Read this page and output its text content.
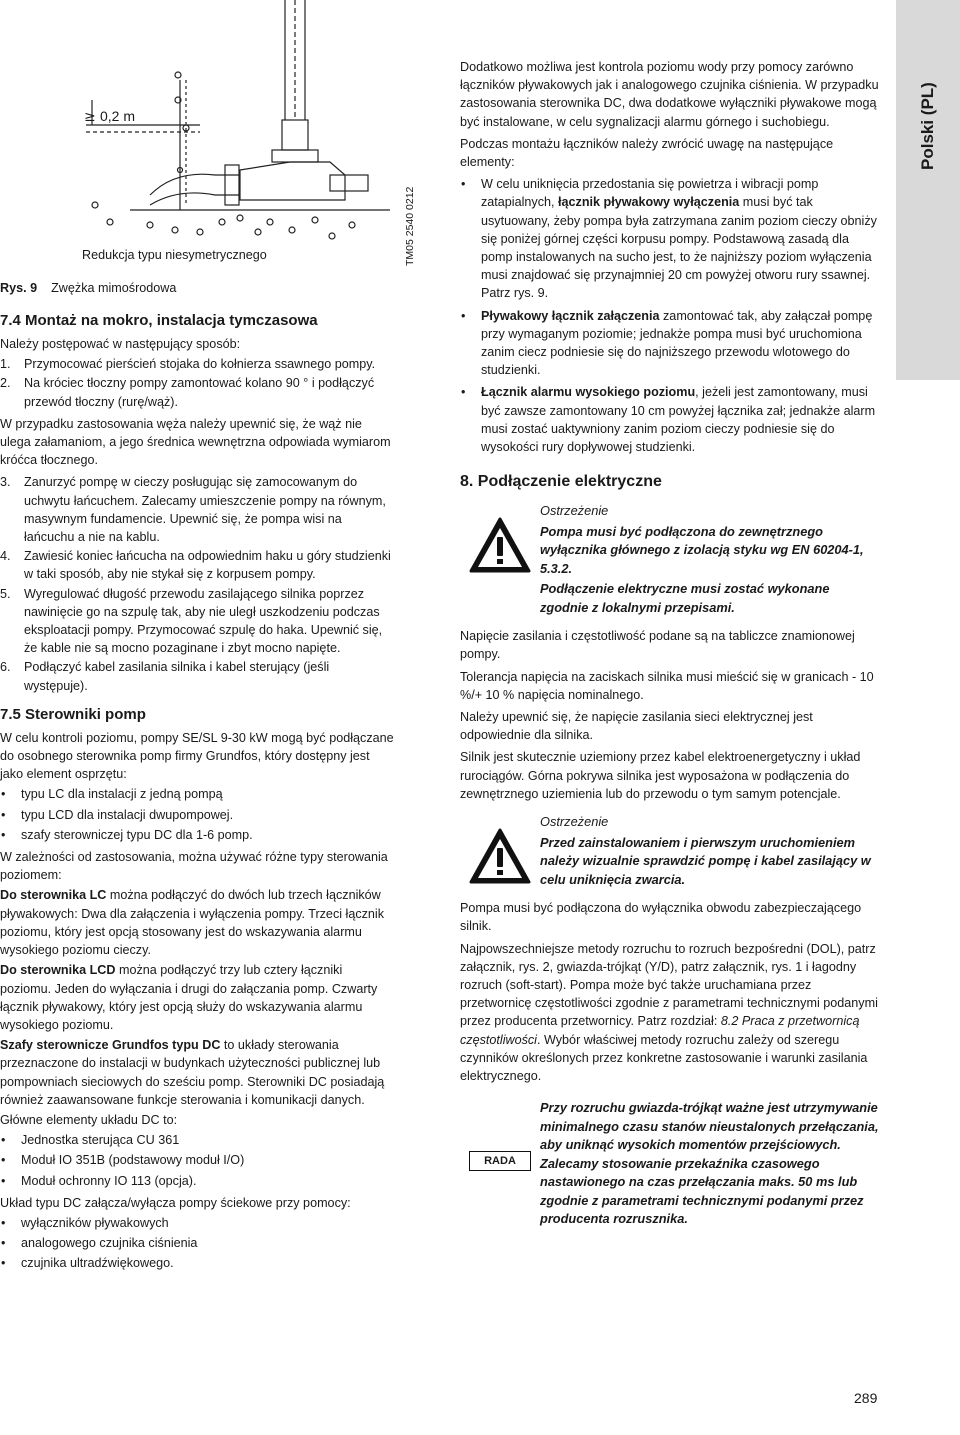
0,2 m
≥
TM05 2540 0212
Redukcja typu niesymetrycznego
Rys. 9 Zwężka mimośrodowa
Polski (PL)
7.4 Montaż na mokro, instalacja tymczasowa

Należy postępować w następujący sposób:

1. Przymocować pierścień stojaka do kołnierza ssawnego pompy.
2. Na króciec tłoczny pompy zamontować kolano 90 ° i podłączyć przewód tłoczny (rurę/wąż).

W przypadku zastosowania węża należy upewnić się, że wąż nie ulega załamaniom, a jego średnica wewnętrzna odpowiada wymiarom króćca tłocznego.

3. Zanurzyć pompę w cieczy posługując się zamocowanym do uchwytu łańcuchem. Zalecamy umieszczenie pompy na równym, masywnym fundamencie. Upewnić się, że pompa wisi na łańcuchu a nie na kablu.
4. Zawiesić koniec łańcucha na odpowiednim haku u góry studzienki w taki sposób, aby nie stykał się z korpusem pompy.
5. Wyregulować długość przewodu zasilającego silnika poprzez nawinięcie go na szpulę tak, aby nie uległ uszkodzeniu podczas eksploatacji pompy. Przymocować szpulę do haka. Upewnić się, że kable nie są mocno pozaginane i zbyt mocno napięte.
6. Podłączyć kabel zasilania silnika i kabel sterujący (jeśli występuje).
7.5 Sterowniki pomp

W celu kontroli poziomu, pompy SE/SL 9-30 kW mogą być podłączane do osobnego sterownika pomp firmy Grundfos, który dostępny jest jako element osprzętu:

• typu LC dla instalacji z jedną pompą
• typu LCD dla instalacji dwupompowej.
• szafy sterowniczej typu DC dla 1-6 pomp.

W zależności od zastosowania, można używać różne typy sterowania poziomem:

Do sterownika LC można podłączyć do dwóch lub trzech łączników pływakowych: Dwa dla załączenia i wyłączenia pompy. Trzeci łącznik poziomu, który jest opcją stosowany jest do wskazywania alarmu wysokiego poziomu cieczy.

Do sterownika LCD można podłączyć trzy lub cztery łączniki poziomu. Jeden do wyłączania i drugi do załączania pomp. Czwarty łącznik pływakowy, który jest opcją służy do wskazywania alarmu wysokiego poziomu.

Szafy sterownicze Grundfos typu DC to układy sterowania przeznaczone do instalacji w budynkach użyteczności publicznej lub pompowniach sieciowych do sześciu pomp. Sterowniki DC posiadają również zaawansowane funkcje sterowania i komunikacji danych.

Główne elementy układu DC to:

• Jednostka sterująca CU 361
• Moduł IO 351B (podstawowy moduł I/O)
• Moduł ochronny IO 113 (opcja).

Układ typu DC załącza/wyłącza pompy ściekowe przy pomocy:

• wyłączników pływakowych
• analogowego czujnika ciśnienia
• czujnika ultradźwiękowego.

Dodatkowo możliwa jest kontrola poziomu wody przy pomocy zarówno łączników pływakowych jak i analogowego czujnika ciśnienia. W przypadku zastosowania sterownika DC, dwa dodatkowe wyłączniki pływakowe mogą być instalowane, w celu sygnalizacji alarmu górnego i suchobiegu.

Podczas montażu łączników należy zwrócić uwagę na następujące elementy:

• W celu uniknięcia przedostania się powietrza i wibracji pomp zatapialnych, łącznik pływakowy wyłączenia musi być tak usytuowany, żeby pompa była zatrzymana zanim poziom cieczy obniży się poniżej górnej części korpusu pompy. Podstawową zasadą dla pomp instalowanych na sucho jest, to że najniższy poziom wyłączenia musi znajdować się przynajmniej 20 cm powyżej otworu rury ssawnej. Patrz rys. 9.
• Pływakowy łącznik załączenia zamontować tak, aby załączał pompę przy wymaganym poziomie; jednakże pompa musi być uruchomiona zanim ciecz podniesie się do najniższego przewodu wlotowego do studzienki.
• Łącznik alarmu wysokiego poziomu, jeżeli jest zamontowany, musi być zawsze zamontowany 10 cm powyżej łącznika zał; jednakże alarm musi zostać uaktywniony zanim poziom cieczy podniesie się do wysokości rury dopływowej studzienki.
8. Podłączenie elektryczne
Ostrzeżenie
Pompa musi być podłączona do zewnętrznego wyłącznika głównego z izolacją styku wg EN 60204-1, 5.3.2.
Podłączenie elektryczne musi zostać wykonane zgodnie z lokalnymi przepisami.

Napięcie zasilania i częstotliwość podane są na tabliczce znamionowej pompy.

Tolerancja napięcia na zaciskach silnika musi mieścić się w granicach - 10 %/+ 10 % napięcia nominalnego.

Należy upewnić się, że napięcie zasilania sieci elektrycznej jest odpowiednie dla silnika.

Silnik jest skutecznie uziemiony przez kabel elektroenergetyczny i układ rurociągów. Górna pokrywa silnika jest wyposażona w podłączenia do zewnętrznego uziemienia lub do przewodu o tym samym potencjale.

Ostrzeżenie
Przed zainstalowaniem i pierwszym uruchomieniem należy wizualnie sprawdzić pompę i kabel zasilający w celu uniknięcia zwarcia.

Pompa musi być podłączona do wyłącznika obwodu zabezpieczającego silnik.

Najpowszechniejsze metody rozruchu to rozruch bezpośredni (DOL), patrz załącznik, rys. 2, gwiazda-trójkąt (Y/D), patrz załącznik, rys. 1 i łagodny rozruch (soft-start). Pompa może być także uruchamiana przez przetwornicę częstotliwości zgodnie z parametrami technicznymi podanymi przez producenta przetwornicy. Patrz rozdział: 8.2 Praca z przetwornicą częstotliwości. Wybór właściwej metody rozruchu zależy od szeregu czynników określonych przez konkretne zastosowanie i warunki zasilania elektrycznego.

RADA
Przy rozruchu gwiazda-trójkąt ważne jest utrzymywanie minimalnego czasu stanów nieustalonych przełączania, aby uniknąć wysokich momentów przejściowych. Zalecamy stosowanie przekaźnika czasowego nastawionego na czas przełączania maks. 50 ms lub zgodnie z parametrami technicznymi podanymi przez producenta rozrusznika.
289
